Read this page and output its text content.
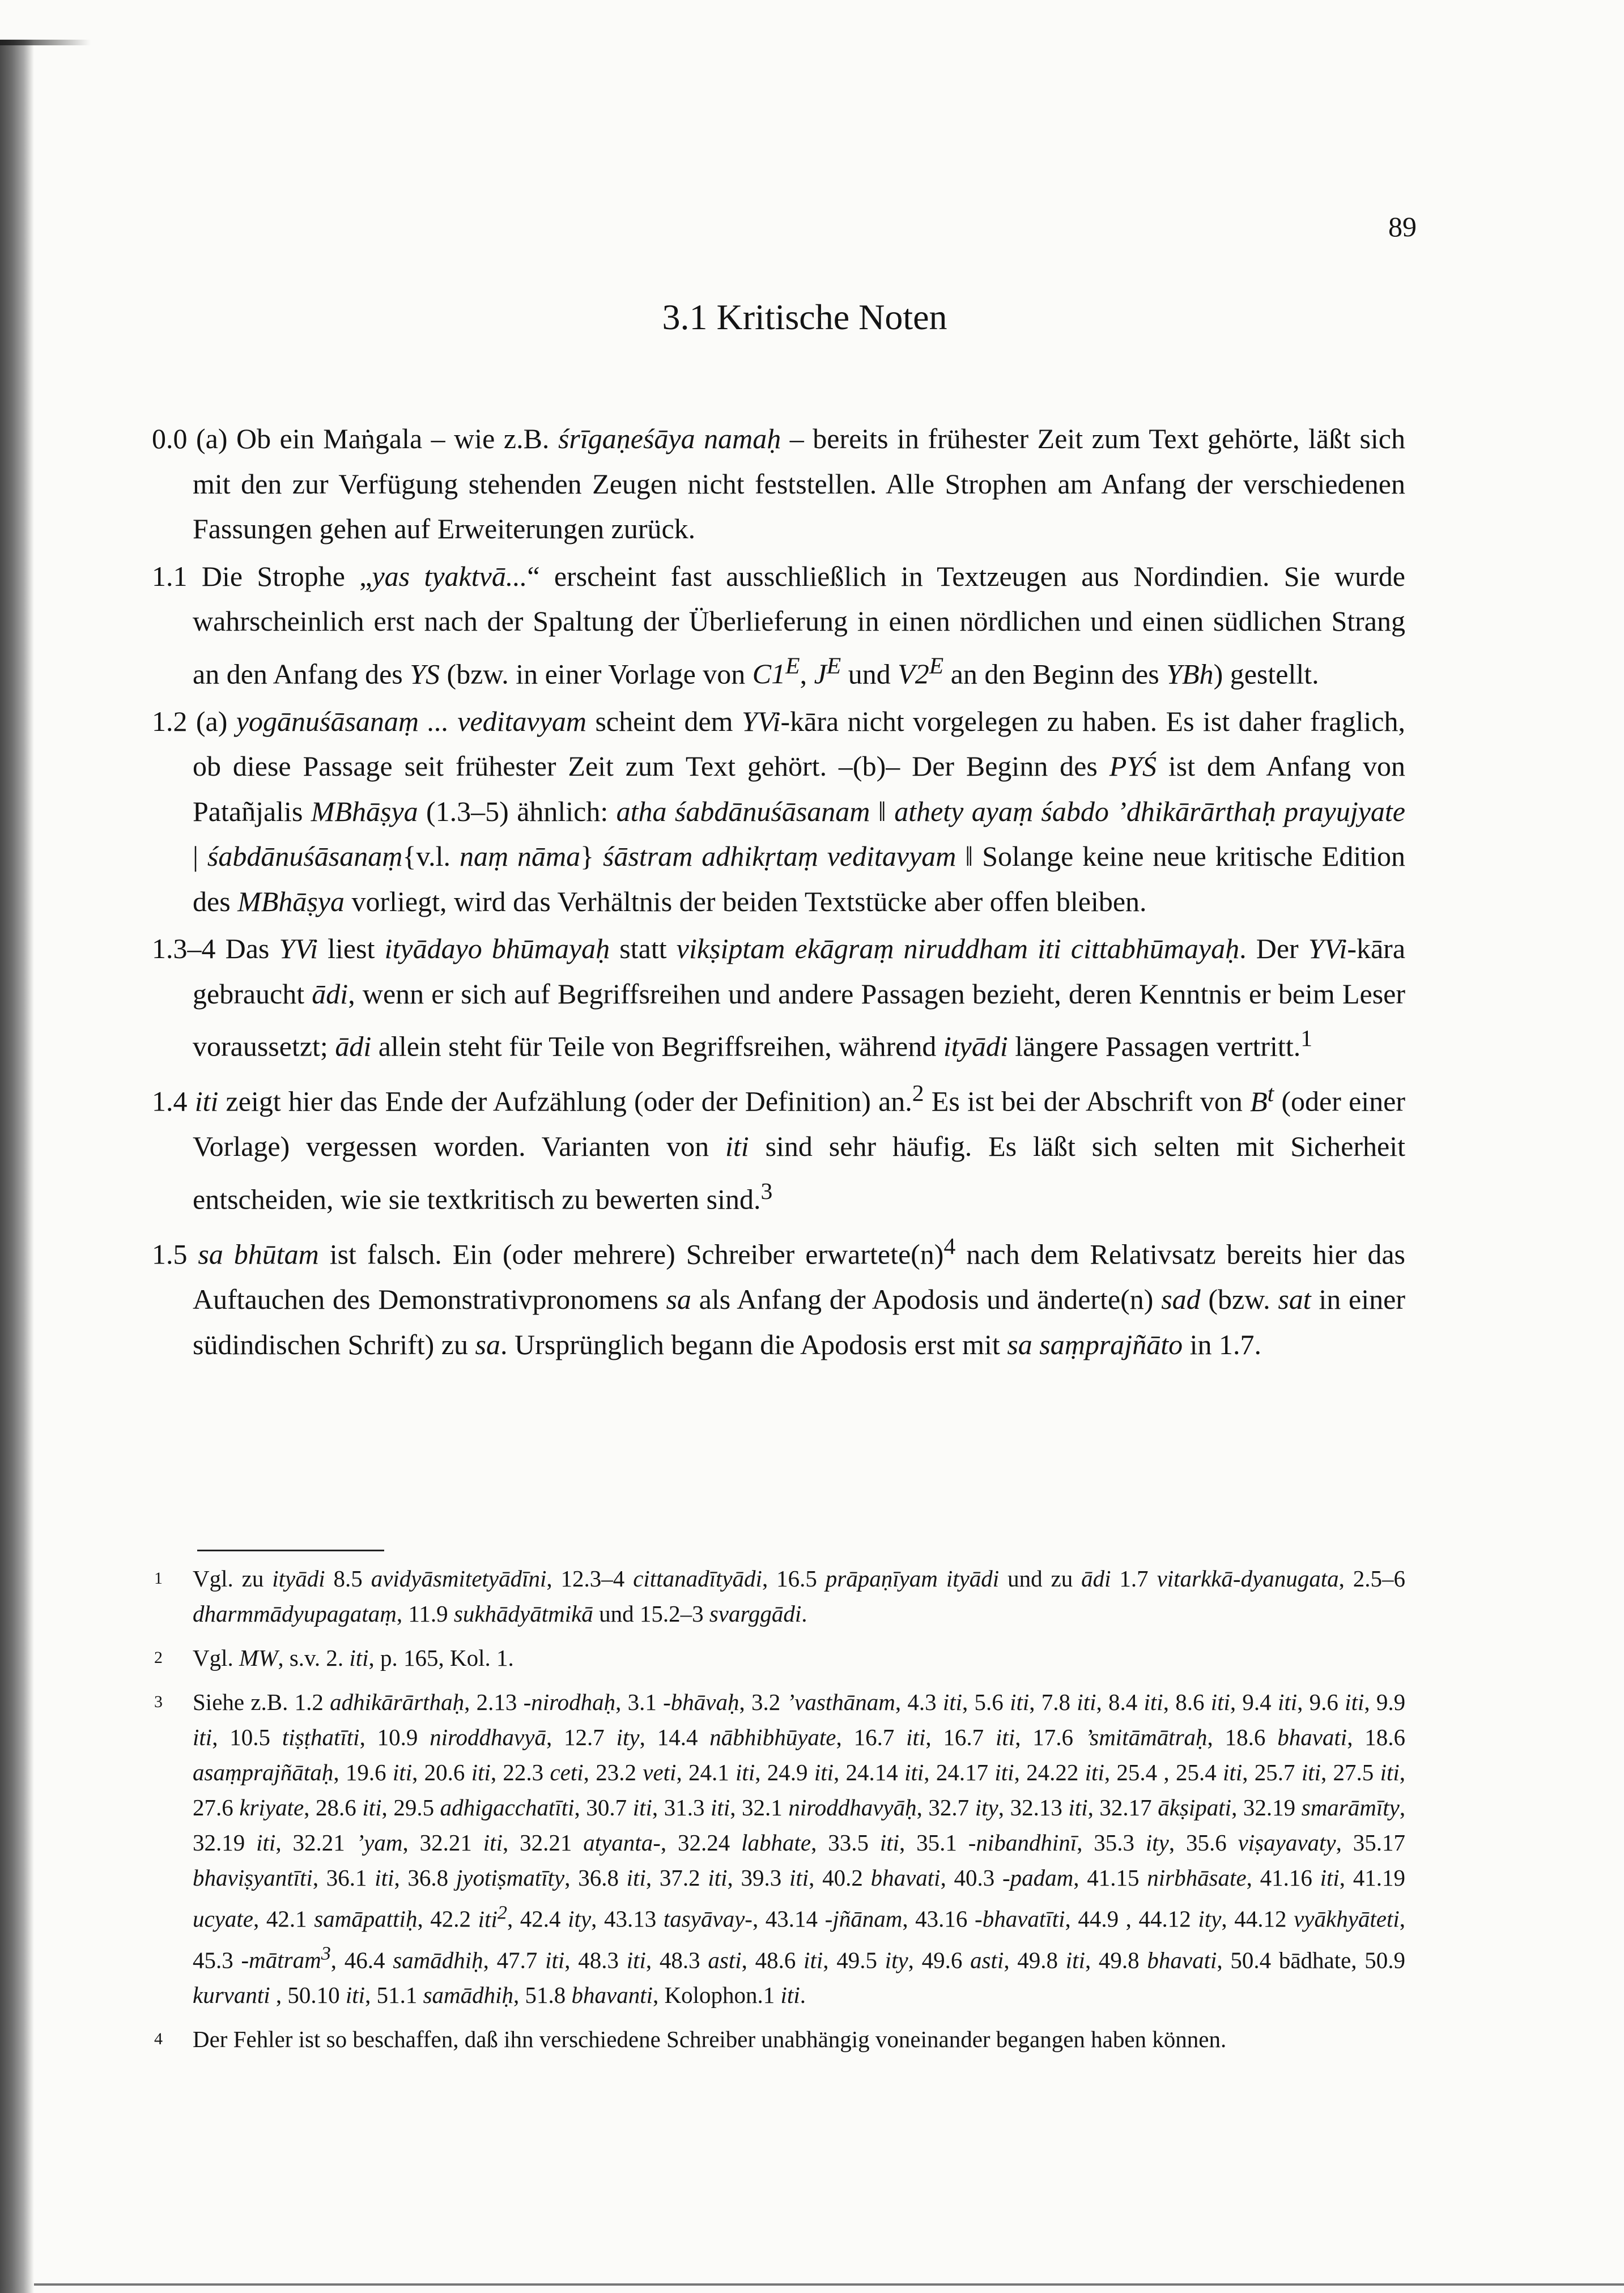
89
3.1 Kritische Noten

0.0 (a) Ob ein Maṅgala – wie z.B. śrīgaṇeśāya namaḥ – bereits in frühester Zeit zum Text gehörte, läßt sich mit den zur Verfügung stehenden Zeugen nicht feststellen. Alle Strophen am Anfang der verschiedenen Fassungen gehen auf Erweiterungen zurück.

1.1 Die Strophe „yas tyaktvā...“ erscheint fast ausschließlich in Textzeugen aus Nordindien. Sie wurde wahrscheinlich erst nach der Spaltung der Überlieferung in einen nördlichen und einen südlichen Strang an den Anfang des YS (bzw. in einer Vorlage von $C1^E$, $J^E$ und $V2^E$ an den Beginn des YBh) gestellt.

1.2 (a) yogānuśāsanaṃ ... veditavyam scheint dem YVi-kāra nicht vorgelegen zu haben. Es ist daher fraglich, ob diese Passage seit frühester Zeit zum Text gehört. –(b)– Der Beginn des PYŚ ist dem Anfang von Patañjalis MBhāṣya (1.3–5) ähnlich: atha śabdānuśāsanam ‖ athety ayaṃ śabdo ’dhikārārthaḥ prayujyate | śabdānuśāsanaṃ{v.l. naṃ nāma} śāstram adhikṛtaṃ veditavyam ‖ Solange keine neue kritische Edition des MBhāṣya vorliegt, wird das Verhältnis der beiden Textstücke aber offen bleiben.

1.3–4 Das YVi liest ityādayo bhūmayaḥ statt vikṣiptam ekāgraṃ niruddham iti cittabhūmayaḥ. Der YVi-kāra gebraucht ādi, wenn er sich auf Begriffsreihen und andere Passagen bezieht, deren Kenntnis er beim Leser voraussetzt; ādi allein steht für Teile von Begriffsreihen, während ityādi längere Passagen vertritt.$^1$

1.4 iti zeigt hier das Ende der Aufzählung (oder der Definition) an.$^2$ Es ist bei der Abschrift von $B^t$ (oder einer Vorlage) vergessen worden. Varianten von iti sind sehr häufig. Es läßt sich selten mit Sicherheit entscheiden, wie sie textkritisch zu bewerten sind.$^3$

1.5 sa bhūtam ist falsch. Ein (oder mehrere) Schreiber $erwartete(n)^4$ nach dem Relativsatz bereits hier das Auftauchen des Demonstrativpronomens sa als Anfang der Apodosis und änderte(n) sad (bzw. sat in einer südindischen Schrift) zu sa. Ursprünglich begann die Apodosis erst mit sa saṃprajñāto in 1.7.

1 Vgl. zu ityādi 8.5 avidyāsmitetyādīni, 12.3–4 cittanadītyādi, 16.5 prāpaṇīyam ityādi und zu ādi 1.7 vitarkkā-dyanugata, 2.5–6 dharmmādyupagataṃ, 11.9 sukhādyātmikā und 15.2–3 svarggādi.
2 Vgl. MW, s.v. 2. iti, p. 165, Kol. 1.
3 Siehe z.B. 1.2 adhikārārthaḥ, 2.13 -nirodhaḥ, 3.1 -bhāvaḥ, 3.2 ’vasthānam, 4.3 iti, 5.6 iti, 7.8 iti, 8.4 iti, 8.6 iti, 9.4 iti, 9.6 iti, 9.9 iti, 10.5 tiṣṭhatīti, 10.9 niroddhavyā, 12.7 ity, 14.4 nābhibhūyate, 16.7 iti, 16.7 iti, 17.6 ’smitāmātraḥ, 18.6 bhavati, 18.6 asaṃprajñātaḥ, 19.6 iti, 20.6 iti, 22.3 ceti, 23.2 veti, 24.1 iti, 24.9 iti, 24.14 iti, 24.17 iti, 24.22 iti, 25.4 , 25.4 iti, 25.7 iti, 27.5 iti, 27.6 kriyate, 28.6 iti, 29.5 adhigacchatīti, 30.7 iti, 31.3 iti, 32.1 niroddhavyāḥ, 32.7 ity, 32.13 iti, 32.17 ākṣipati, 32.19 smarāmīty, 32.19 iti, 32.21 ’yam, 32.21 iti, 32.21 atyanta-, 32.24 labhate, 33.5 iti, 35.1 -nibandhinī, 35.3 ity, 35.6 viṣayavaty, 35.17 bhaviṣyantīti, 36.1 iti, 36.8 jyotiṣmatīty, 36.8 iti, 37.2 iti, 39.3 iti, 40.2 bhavati, 40.3 -padam, 41.15 nirbhāsate, 41.16 iti, 41.19 ucyate, 42.1 samāpattiḥ, 42.2 iti$^2$, 42.4 ity, 43.13 tasyāvay-, 43.14 -jñānam, 43.16 -bhavatīti, 44.9 , 44.12 ity, 44.12 vyākhyāteti, 45.3 -mātram$^3$, 46.4 samādhiḥ, 47.7 iti, 48.3 iti, 48.3 asti, 48.6 iti, 49.5 ity, 49.6 asti, 49.8 iti, 49.8 bhavati, 50.4 bādhate, 50.9 kurvanti , 50.10 iti, 51.1 samādhiḥ, 51.8 bhavanti, Kolophon.1 iti.
4 Der Fehler ist so beschaffen, daß ihn verschiedene Schreiber unabhängig voneinander begangen haben können.
